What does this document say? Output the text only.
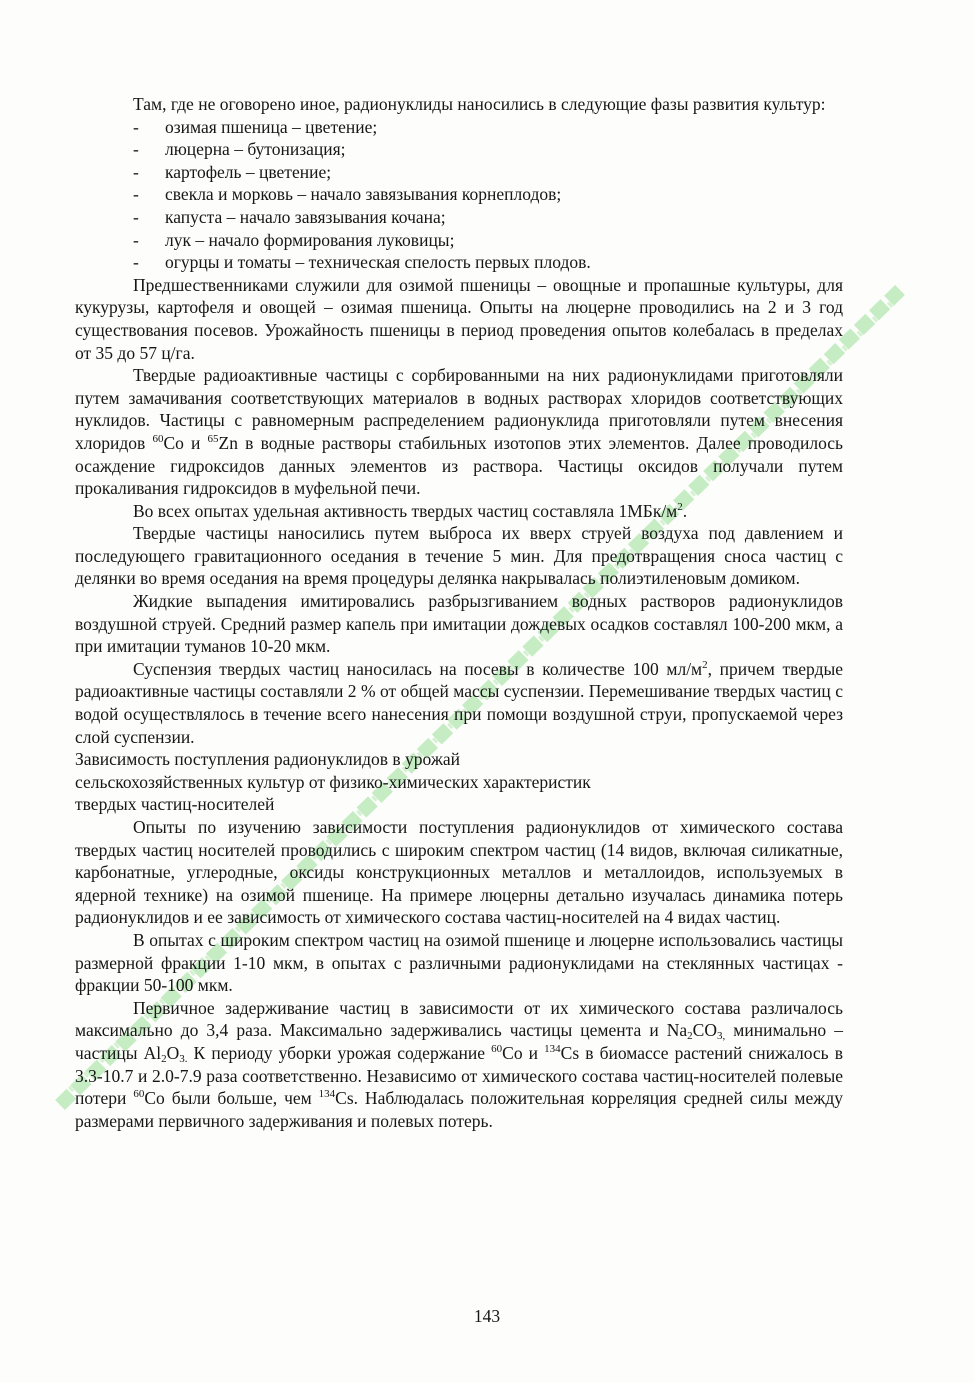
Там, где не оговорено иное, радионуклиды наносились в следующие фазы развития культур:

- озимая пшеница – цветение;
- люцерна – бутонизация;
- картофель – цветение;
- свекла и морковь – начало завязывания корнеплодов;
- капуста – начало завязывания кочана;
- лук – начало формирования луковицы;
- огурцы и томаты – техническая спелость первых плодов.

Предшественниками служили для озимой пшеницы – овощные и пропашные культуры, для кукурузы, картофеля и овощей – озимая пшеница. Опыты на люцерне проводились на 2 и 3 год существования посевов. Урожайность пшеницы в период проведения опытов колебалась в пределах от 35 до 57 ц/га.

Твердые радиоактивные частицы с сорбированными на них радионуклидами приготовляли путем замачивания соответствующих материалов в водных растворах хлоридов соответствующих нуклидов. Частицы с равномерным распределением радионуклида приготовляли путем внесения хлоридов $^{60}$Co и $^{65}$Zn в водные растворы стабильных изотопов этих элементов. Далее проводилось осаждение гидроксидов данных элементов из раствора. Частицы оксидов получали путем прокаливания гидроксидов в муфельной печи.

Во всех опытах удельная активность твердых частиц составляла $1МБк/м^2$.

Твердые частицы наносились путем выброса их вверх струей воздуха под давлением и последующего гравитационного оседания в течение 5 мин. Для предотвращения сноса частиц с делянки во время оседания на время процедуры делянка накрывалась полиэтиленовым домиком.

Жидкие выпадения имитировались разбрызгиванием водных растворов радионуклидов воздушной струей. Средний размер капель при имитации дождевых осадков составлял 100-200 мкм, а при имитации туманов 10-20 мкм.

Суспензия твердых частиц наносилась на посевы в количестве 100 $мл/м^2$, причем твердые радиоактивные частицы составляли 2 % от общей массы суспензии. Перемешивание твердых частиц с водой осуществлялось в течение всего нанесения при помощи воздушной струи, пропускаемой через слой суспензии.

Зависимость поступления радионуклидов в урожай

сельскохозяйственных культур от физико-химических характеристик

твердых частиц-носителей

Опыты по изучению зависимости поступления радионуклидов от химического состава твердых частиц носителей проводились с широким спектром частиц (14 видов, включая силикатные, карбонатные, углеродные, оксиды конструкционных металлов и металлоидов, используемых в ядерной технике) на озимой пшенице. На примере люцерны детально изучалась динамика потерь радионуклидов и ее зависимость от химического состава частиц-носителей на 4 видах частиц.

В опытах с широким спектром частиц на озимой пшенице и люцерне использовались частицы размерной фракции 1-10 мкм, в опытах с различными радионуклидами на стеклянных частицах - фракции 50-100 мкм.

Первичное задерживание частиц в зависимости от их химического состава различалось максимально до 3,4 раза. Максимально задерживались частицы цемента и $Na_2CO_{3,}$ минимально – частицы $Al_2O_{3.}$ К периоду уборки урожая содержание $^{60}$Co и $^{134}$Cs в биомассе растений снижалось в 3.3-10.7 и 2.0-7.9 раза соответственно. Независимо от химического состава частиц-носителей полевые потери $^{60}$Co были больше, чем $^{134}$Cs. Наблюдалась положительная корреляция средней силы между размерами первичного задерживания и полевых потерь.

143
